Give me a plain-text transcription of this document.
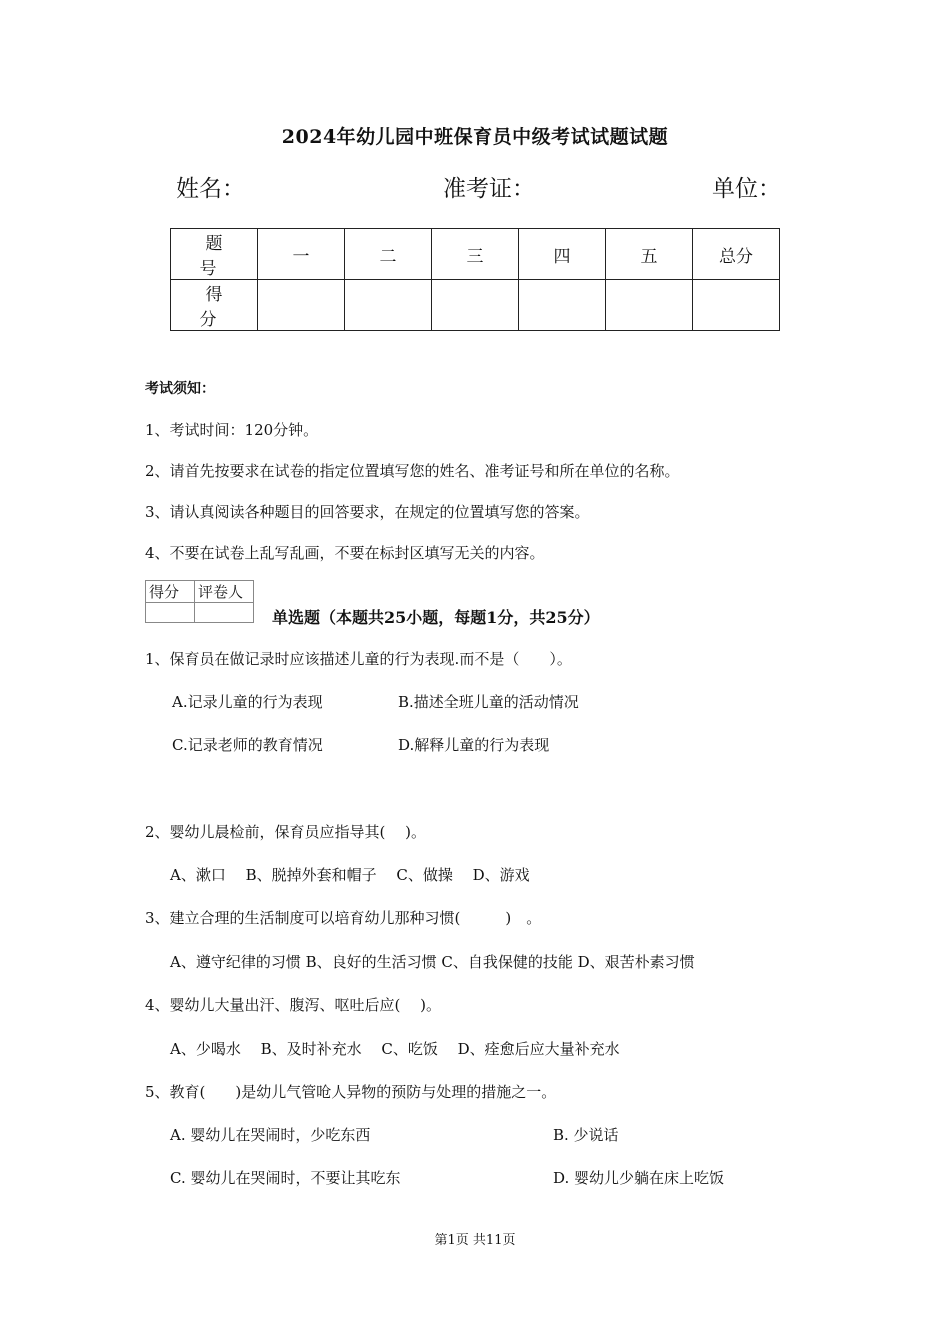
2024年幼儿园中班保育员中级考试试题试题
姓名：	准考证：	单位：
题　号	一	二	三	四	五	总分
得　分						
考试须知：
1、考试时间：120分钟。
2、请首先按要求在试卷的指定位置填写您的姓名、准考证号和所在单位的名称。
3、请认真阅读各种题目的回答要求，在规定的位置填写您的答案。
4、不要在试卷上乱写乱画，不要在标封区填写无关的内容。
得分	评卷人

单选题（本题共25小题，每题1分，共25分）
1、保育员在做记录时应该描述儿童的行为表现.而不是（　　）。
A.记录儿童的行为表现	B.描述全班儿童的活动情况
C.记录老师的教育情况	D.解释儿童的行为表现
2、婴幼儿晨检前，保育员应指导其(　 )。
A、漱口　 B、脱掉外套和帽子　 C、做操　 D、游戏
3、建立合理的生活制度可以培育幼儿那种习惯(　　　)　。
A、遵守纪律的习惯 B、良好的生活习惯 C、自我保健的技能 D、艰苦朴素习惯
4、婴幼儿大量出汗、腹泻、呕吐后应(　 )。
A、少喝水　 B、及时补充水　 C、吃饭　 D、痊愈后应大量补充水
5、教育(　　)是幼儿气管呛人异物的预防与处理的措施之一。
A. 婴幼儿在哭闹时，少吃东西	B. 少说话
C. 婴幼儿在哭闹时，不要让其吃东	D. 婴幼儿少躺在床上吃饭
第1页 共11页
